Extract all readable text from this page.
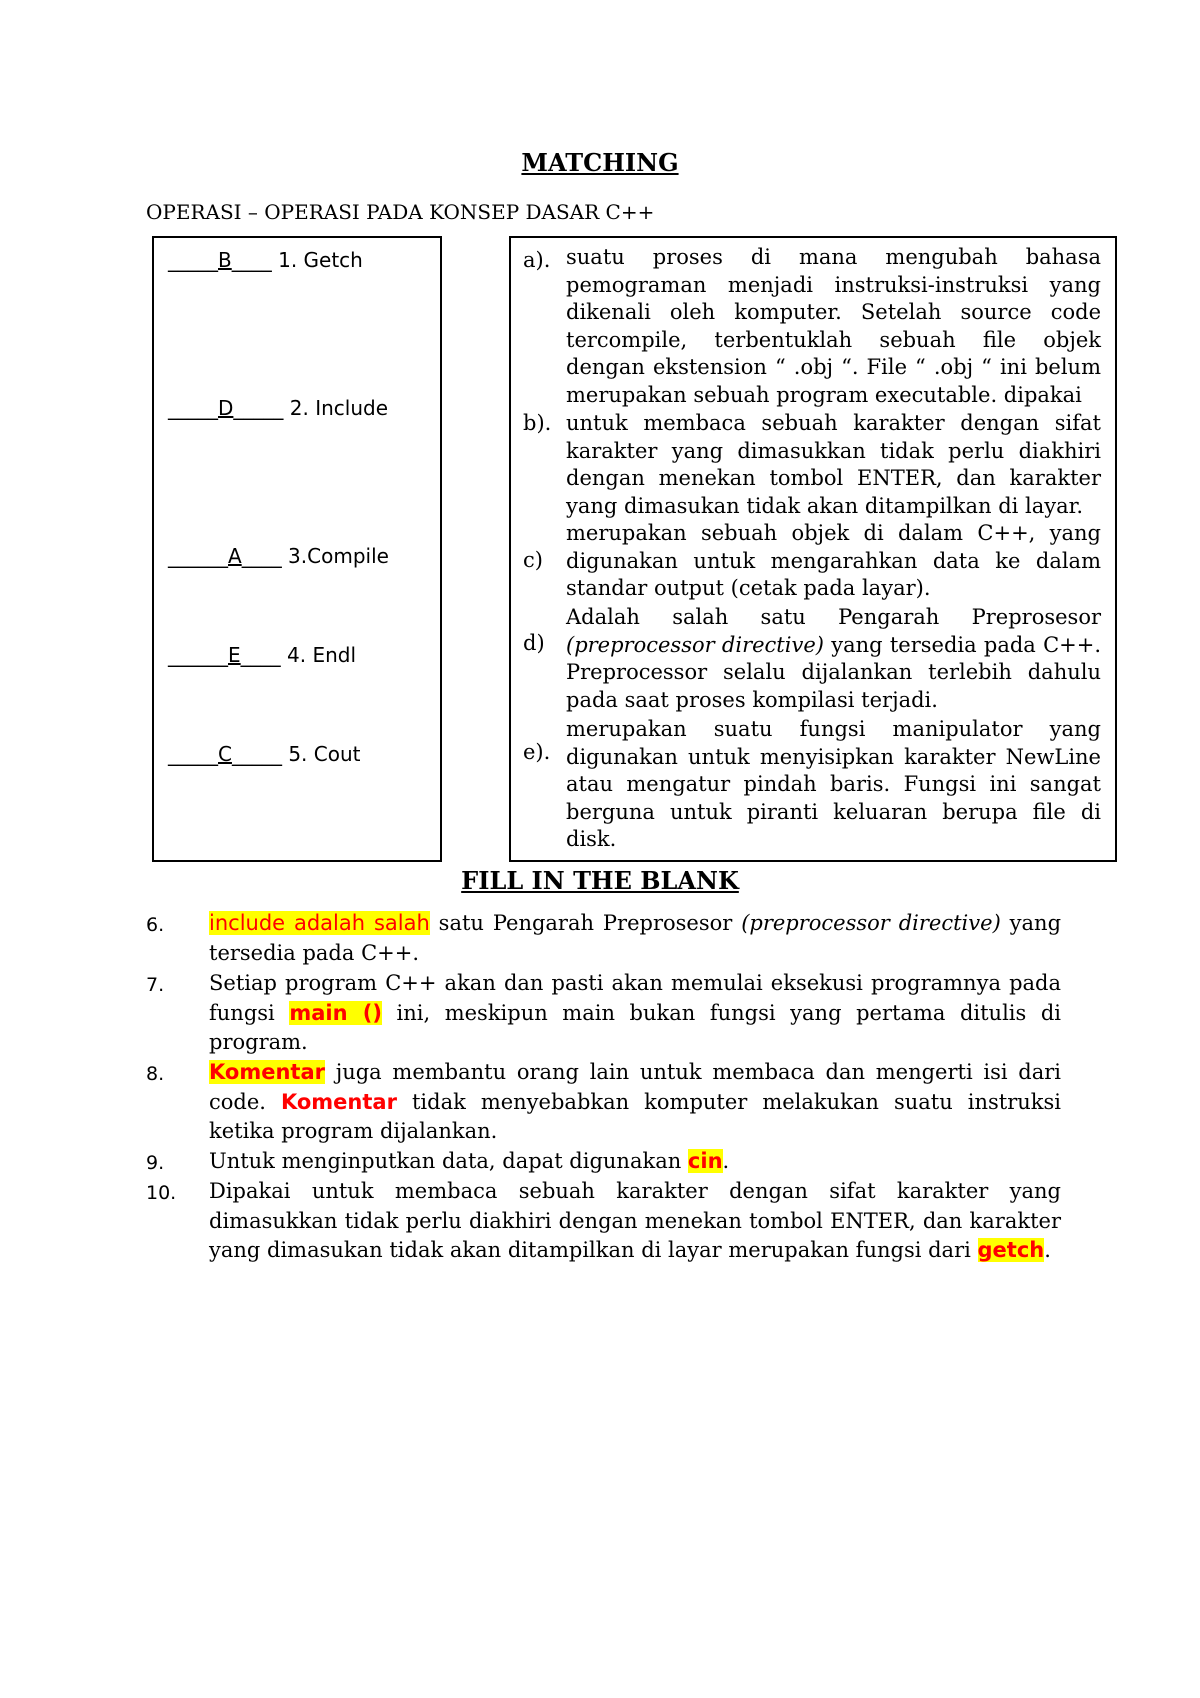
MATCHING
OPERASI – OPERASI PADA KONSEP DASAR C++
_____B____ 1. Getch
_____D_____ 2. Include
______A____ 3.Compile
______E____ 4. Endl
_____C_____ 5. Cout
a). suatu proses di mana mengubah bahasa pemograman menjadi instruksi-instruksi yang dikenali oleh komputer. Setelah source code tercompile, terbentuklah sebuah file objek dengan ekstension “ .obj “. File “ .obj “ ini belum merupakan sebuah program executable. dipakai
b). untuk membaca sebuah karakter dengan sifat karakter yang dimasukkan tidak perlu diakhiri dengan menekan tombol ENTER, dan karakter yang dimasukan tidak akan ditampilkan di layar.
c)
merupakan sebuah objek di dalam C++, yang digunakan untuk mengarahkan data ke dalam standar output (cetak pada layar).
d)
Adalah salah satu Pengarah Preprosesor (preprocessor directive) yang tersedia pada C++. Preprocessor selalu dijalankan terlebih dahulu pada saat proses kompilasi terjadi.
e).
merupakan suatu fungsi manipulator yang digunakan untuk menyisipkan karakter NewLine atau mengatur pindah baris. Fungsi ini sangat berguna untuk piranti keluaran berupa file di disk.
FILL IN THE BLANK
6. include adalah salah satu Pengarah Preprosesor (preprocessor directive) yang tersedia pada C++.
7. Setiap program C++ akan dan pasti akan memulai eksekusi programnya pada fungsi main () ini, meskipun main bukan fungsi yang pertama ditulis di program.
8. Komentar juga membantu orang lain untuk membaca dan mengerti isi dari code. Komentar tidak menyebabkan komputer melakukan suatu instruksi ketika program dijalankan.
9. Untuk menginputkan data, dapat digunakan cin.
10. Dipakai untuk membaca sebuah karakter dengan sifat karakter yang dimasukkan tidak perlu diakhiri dengan menekan tombol ENTER, dan karakter yang dimasukan tidak akan ditampilkan di layar merupakan fungsi dari getch.
